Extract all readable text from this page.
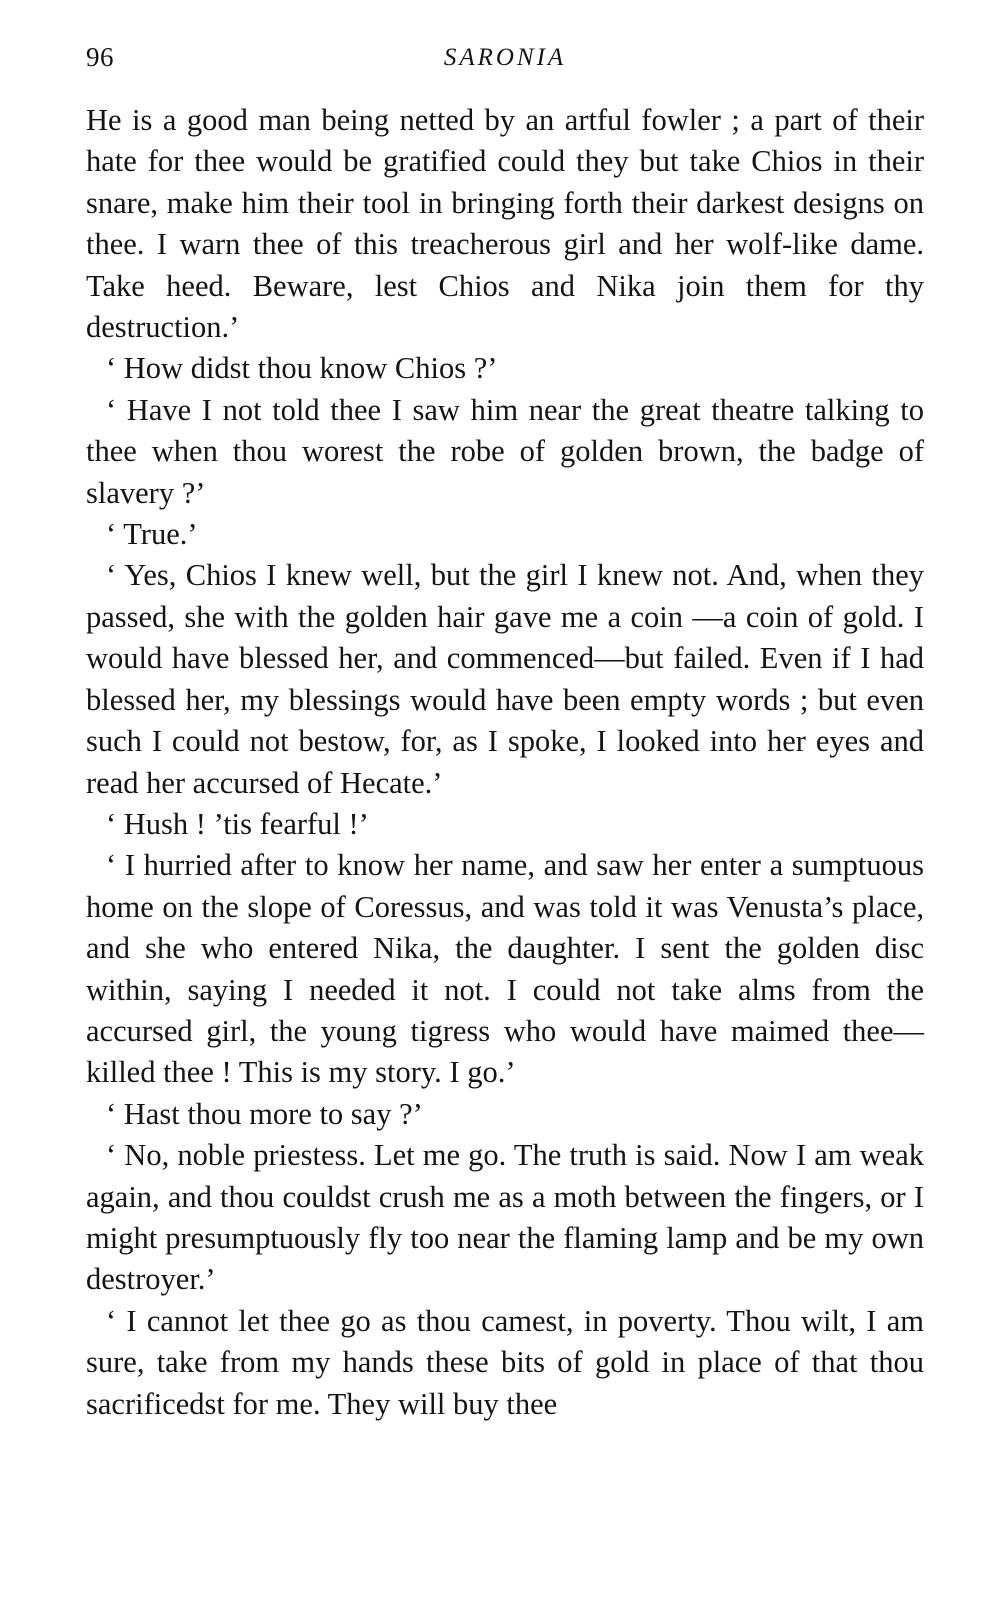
96	SARONIA

He is a good man being netted by an artful fowler ; a part of their hate for thee would be gratified could they but take Chios in their snare, make him their tool in bringing forth their darkest designs on thee. I warn thee of this treacherous girl and her wolf-like dame. Take heed. Beware, lest Chios and Nika join them for thy destruction.’

‘ How didst thou know Chios ?’

‘ Have I not told thee I saw him near the great theatre talking to thee when thou worest the robe of golden brown, the badge of slavery ?’

‘ True.’

‘ Yes, Chios I knew well, but the girl I knew not. And, when they passed, she with the golden hair gave me a coin —a coin of gold. I would have blessed her, and commenced—but failed. Even if I had blessed her, my blessings would have been empty words ; but even such I could not bestow, for, as I spoke, I looked into her eyes and read her accursed of Hecate.’

‘ Hush ! ’tis fearful !’

‘ I hurried after to know her name, and saw her enter a sumptuous home on the slope of Coressus, and was told it was Venusta’s place, and she who entered Nika, the daughter. I sent the golden disc within, saying I needed it not. I could not take alms from the accursed girl, the young tigress who would have maimed thee—killed thee ! This is my story. I go.’

‘ Hast thou more to say ?’

‘ No, noble priestess. Let me go. The truth is said. Now I am weak again, and thou couldst crush me as a moth between the fingers, or I might presumptuously fly too near the flaming lamp and be my own destroyer.’

‘ I cannot let thee go as thou camest, in poverty. Thou wilt, I am sure, take from my hands these bits of gold in place of that thou sacrificedst for me. They will buy thee
